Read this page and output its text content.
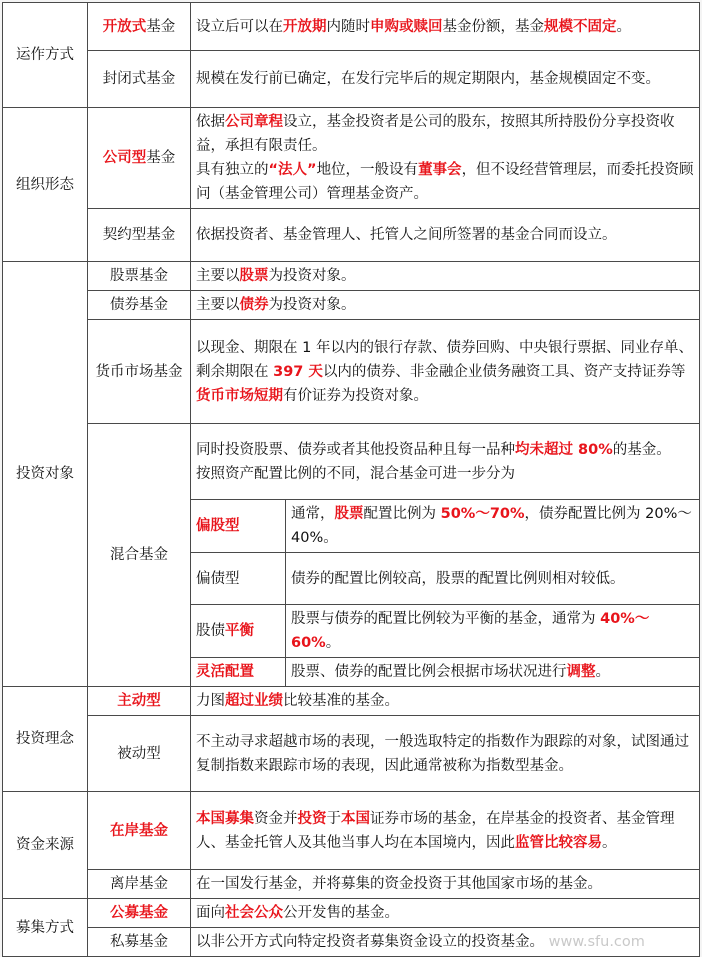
运作方式	开放式基金	设立后可以在开放期内随时申购或赎回基金份额，基金规模不固定。	
	封闭式基金	规模在发行前已确定，在发行完毕后的规定期限内，基金规模固定不变。	
组织形态	公司型基金	依据公司章程设立，基金投资者是公司的股东，按照其所持股份分享投资收益，承担有限责任。
具有独立的“法人”地位，一般设有董事会，但不设经营管理层，而委托投资顾问（基金管理公司）管理基金资产。	
	契约型基金	依据投资者、基金管理人、托管人之间所签署的基金合同而设立。	
投资对象	股票基金	主要以股票为投资对象。	
	债券基金	主要以债券为投资对象。	
	货币市场基金	以现金、期限在 1 年以内的银行存款、债券回购、中央银行票据、同业存单、剩余期限在 397 天以内的债券、非金融企业债务融资工具、资产支持证券等货币市场短期有价证券为投资对象。	
	混合基金	同时投资股票、债券或者其他投资品种且每一品种均未超过 80%的基金。
按照资产配置比例的不同，混合基金可进一步分为	
		偏股型	通常，股票配置比例为 50%～70%，债券配置比例为 20%～40%。
		偏债型	债券的配置比例较高，股票的配置比例则相对较低。
		股债平衡	股票与债券的配置比例较为平衡的基金，通常为 40%～60%。
		灵活配置	股票、债券的配置比例会根据市场状况进行调整。
投资理念	主动型	力图超过业绩比较基准的基金。	
	被动型	不主动寻求超越市场的表现，一般选取特定的指数作为跟踪的对象，试图通过复制指数来跟踪市场的表现，因此通常被称为指数型基金。	
资金来源	在岸基金	本国募集资金并投资于本国证券市场的基金，在岸基金的投资者、基金管理人、基金托管人及其他当事人均在本国境内，因此监管比较容易。	
	离岸基金	在一国发行基金，并将募集的资金投资于其他国家市场的基金。	
募集方式	公募基金	面向社会公众公开发售的基金。	
	私募基金	以非公开方式向特定投资者募集资金设立的投资基金。 www.sfu.com	
